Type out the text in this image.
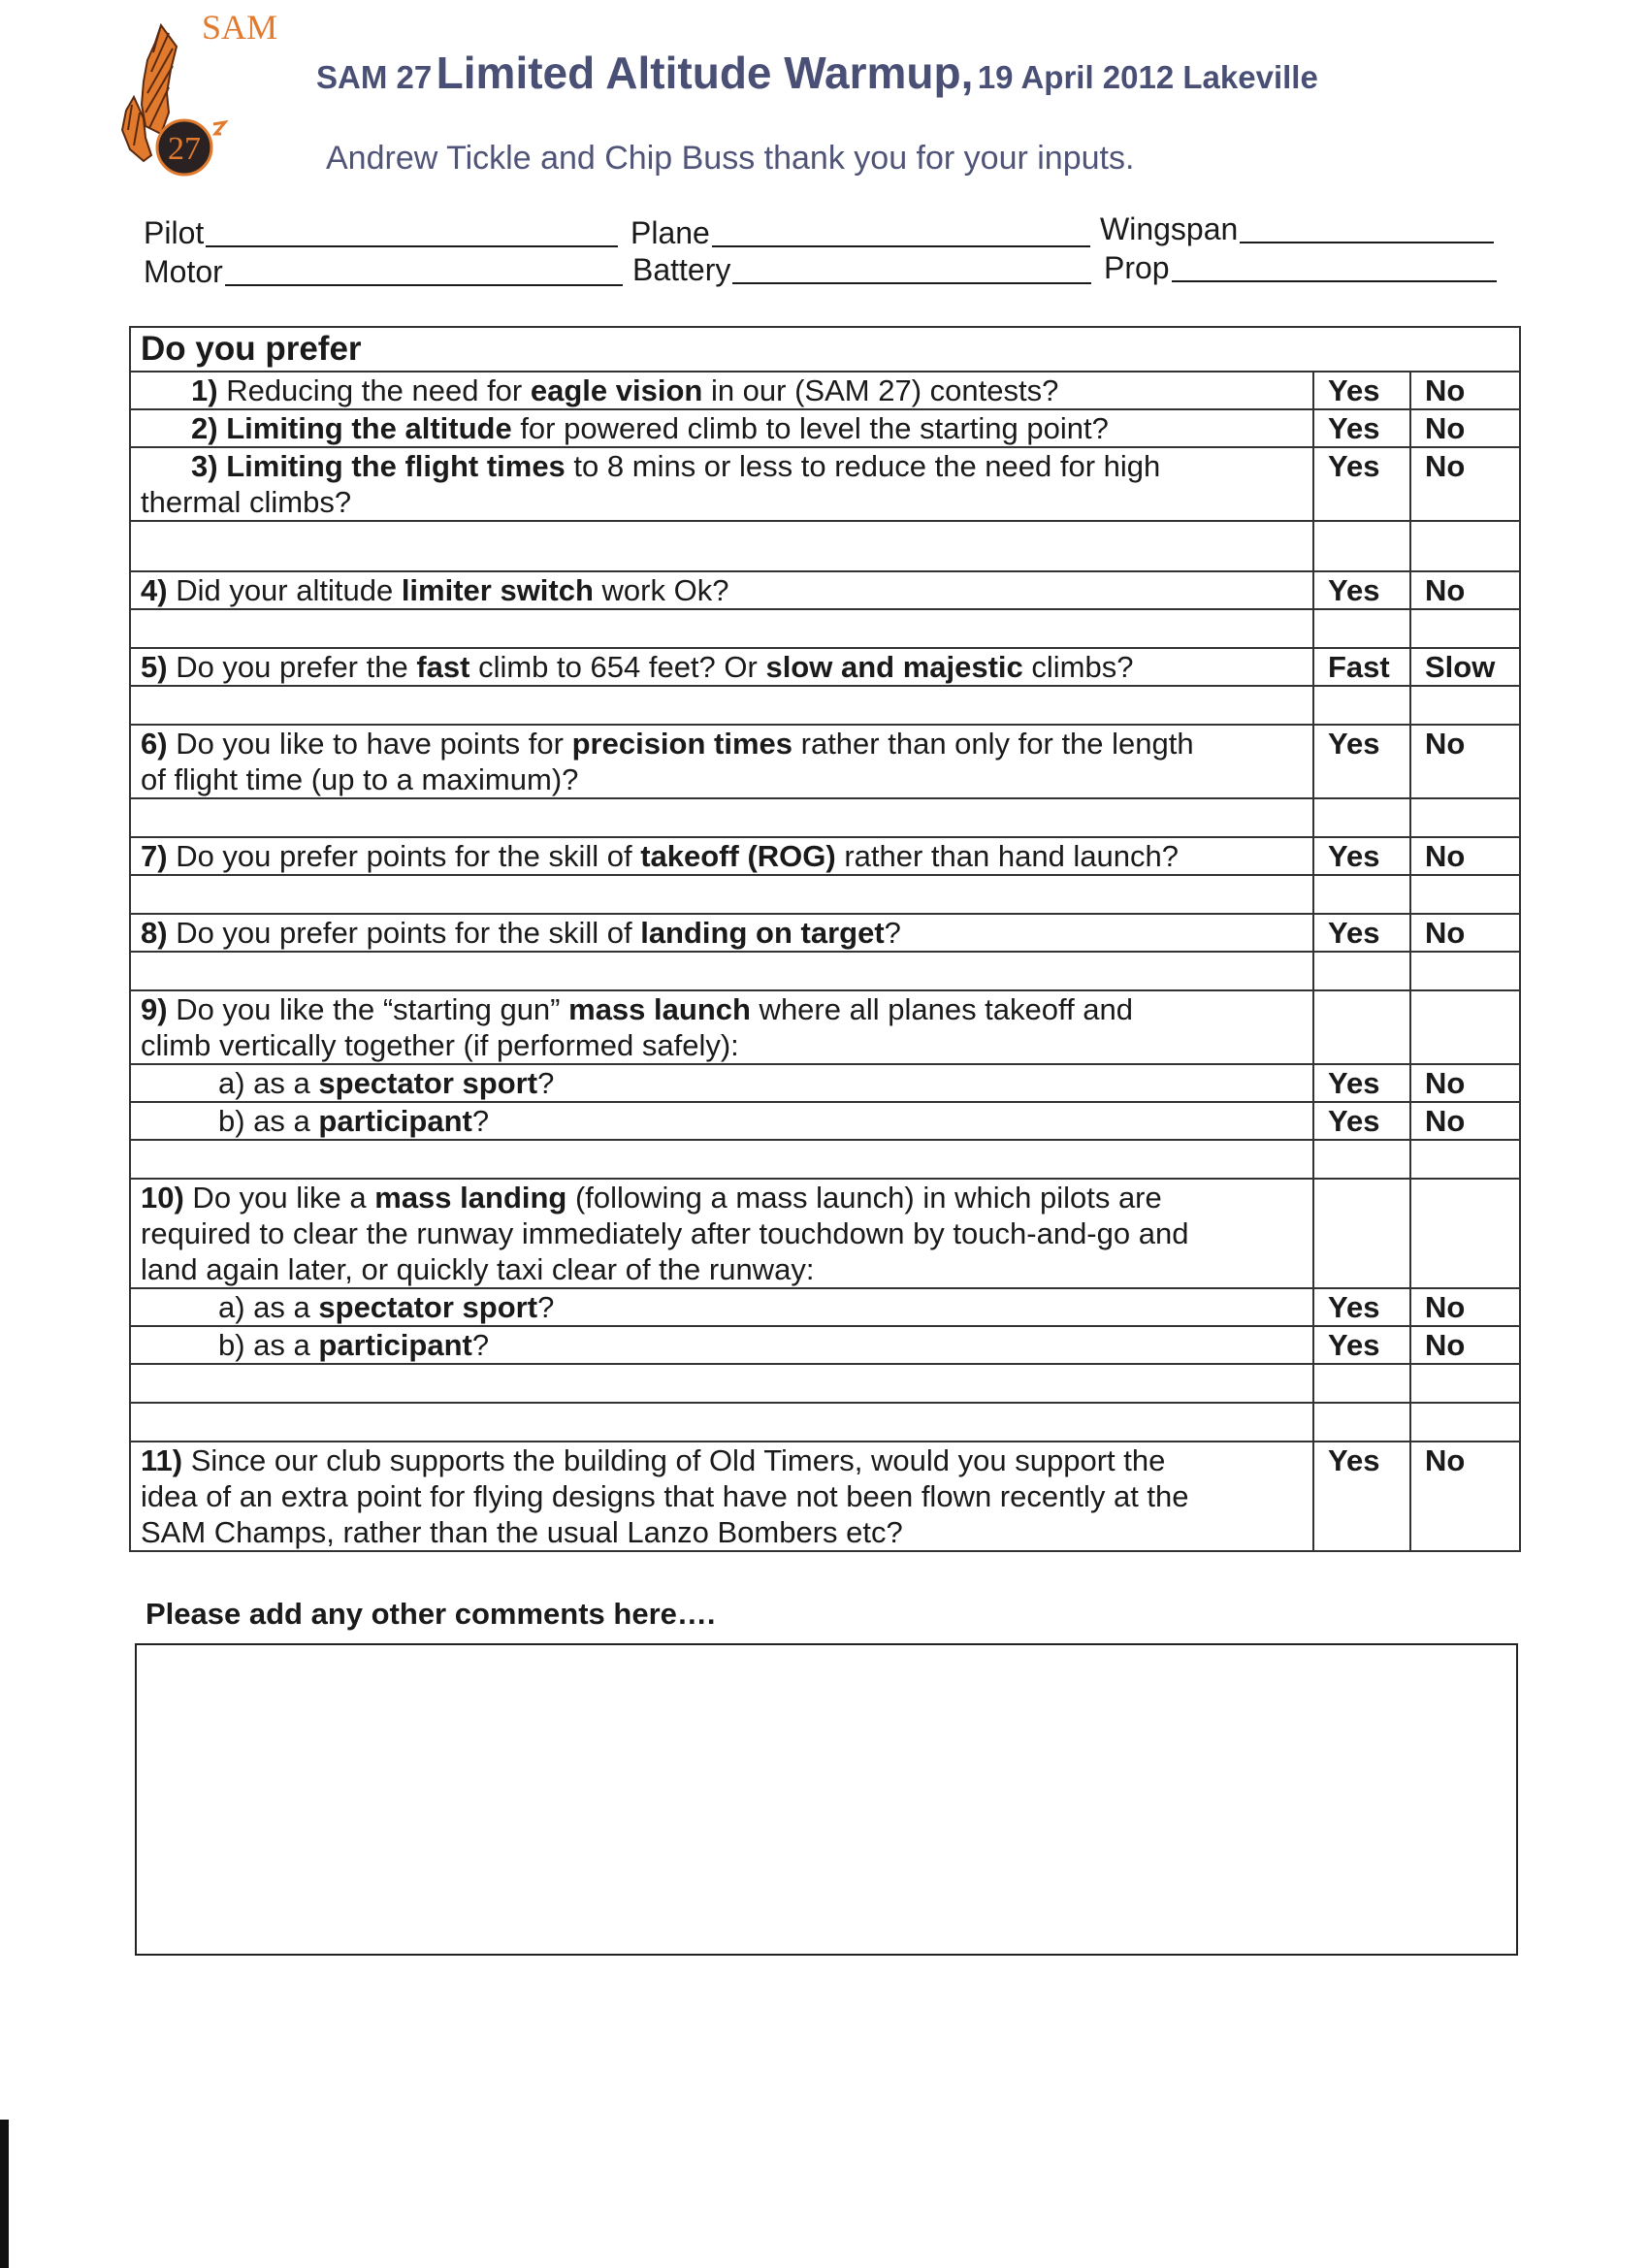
SAM
27
SAM 27 Limited Altitude Warmup, 19 April 2012 Lakeville
Andrew Tickle and Chip Buss thank you for your inputs.
Pilot	Plane	Wingspan
Motor	Battery	Prop
Do you prefer		
1) Reducing the need for eagle vision in our (SAM 27) contests?	Yes	No
2) Limiting the altitude for powered climb to level the starting point?	Yes	No

3) Limiting the flight times to 8 mins or less to reduce the need for high
thermal climbs?	Yes	No

4) Did your altitude limiter switch work Ok?	Yes	No

5) Do you prefer the fast climb to 654 feet? Or slow and majestic climbs?	Fast	Slow

6) Do you like to have points for precision times rather than only for the length
of flight time (up to a maximum)?	Yes	No

7) Do you prefer points for the skill of takeoff (ROG) rather than hand launch?	Yes	No

8) Do you prefer points for the skill of landing on target?	Yes	No

9) Do you like the “starting gun” mass launch where all planes takeoff and
climb vertically together (if performed safely):		

a) as a spectator sport?	Yes	No
b) as a participant?	Yes	No

10) Do you like a mass landing (following a mass launch) in which pilots are
required to clear the runway immediately after touchdown by touch-and-go and
land again later, or quickly taxi clear of the runway:		

a) as a spectator sport?	Yes	No
b) as a participant?	Yes	No

11) Since our club supports the building of Old Timers, would you support the
idea of an extra point for flying designs that have not been flown recently at the
SAM Champs, rather than the usual Lanzo Bombers etc?	Yes	No
Please add any other comments here….
